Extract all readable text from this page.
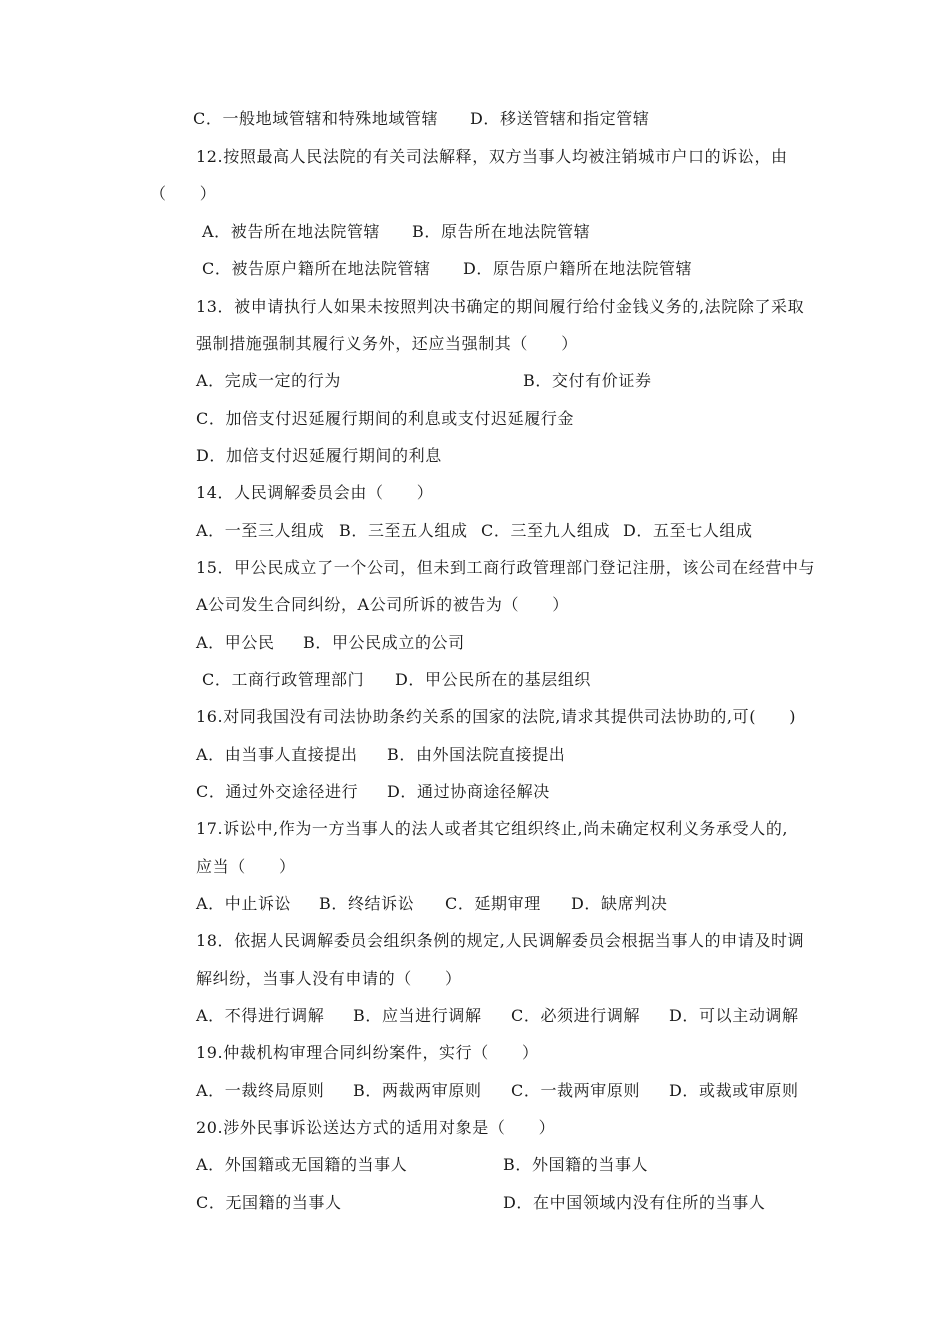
C．一般地域管辖和特殊地域管辖 D．移送管辖和指定管辖
12.按照最高人民法院的有关司法解释，双方当事人均被注销城市户口的诉讼，由
（　　）
A．被告所在地法院管辖 B．原告所在地法院管辖
C．被告原户籍所在地法院管辖 D．原告原户籍所在地法院管辖
13．被申请执行人如果未按照判决书确定的期间履行给付金钱义务的,法院除了采取
强制措施强制其履行义务外，还应当强制其（　　）
A．完成一定的行为	B．交付有价证券
C．加倍支付迟延履行期间的利息或支付迟延履行金
D．加倍支付迟延履行期间的利息
14．人民调解委员会由（　　）
A．一至三人组成 B．三至五人组成 C．三至九人组成 D．五至七人组成
15．甲公民成立了一个公司，但未到工商行政管理部门登记注册，该公司在经营中与
A公司发生合同纠纷，A公司所诉的被告为（　　）
A．甲公民 B．甲公民成立的公司
C．工商行政管理部门 D．甲公民所在的基层组织
16.对同我国没有司法协助条约关系的国家的法院,请求其提供司法协助的,可(　　)
A．由当事人直接提出 B．由外国法院直接提出
C．通过外交途径进行 D．通过协商途径解决
17.诉讼中,作为一方当事人的法人或者其它组织终止,尚未确定权利义务承受人的,
应当（　　）
A．中止诉讼 B．终结诉讼 C．延期审理 D．缺席判决
18．依据人民调解委员会组织条例的规定,人民调解委员会根据当事人的申请及时调
解纠纷，当事人没有申请的（　　）
A．不得进行调解 B．应当进行调解 C．必须进行调解 D．可以主动调解
19.仲裁机构审理合同纠纷案件，实行（　　）
A．一裁终局原则 B．两裁两审原则 C．一裁两审原则 D．或裁或审原则
20.涉外民事诉讼送达方式的适用对象是（　　）
A．外国籍或无国籍的当事人	B．外国籍的当事人
C．无国籍的当事人	D．在中国领域内没有住所的当事人
